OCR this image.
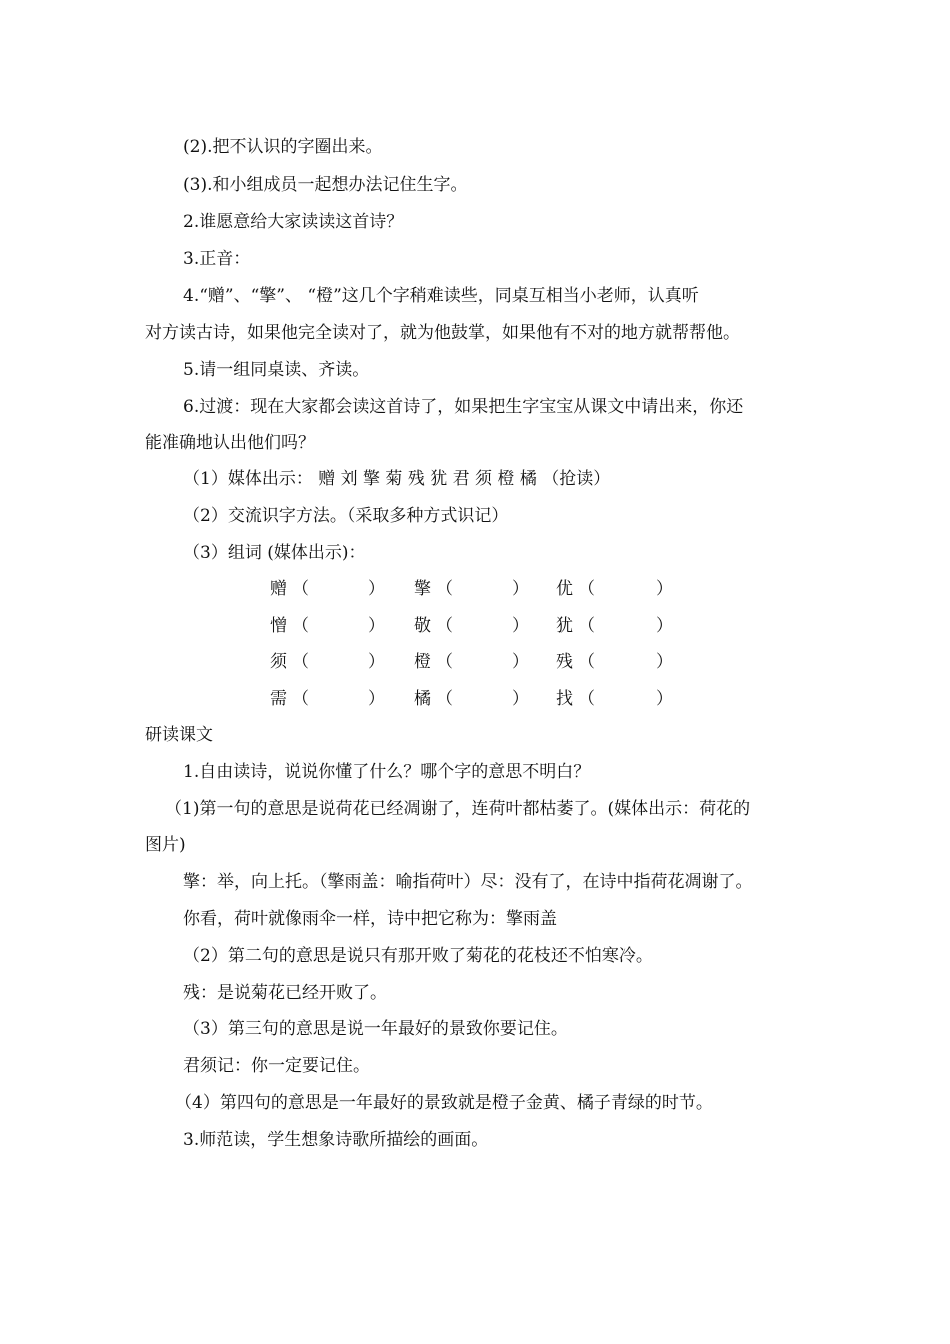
(2).把不认识的字圈出来。
(3).和小组成员一起想办法记住生字。
2.谁愿意给大家读读这首诗？
3.正音：
4.“赠”、“擎”、 “橙”这几个字稍难读些，同桌互相当小老师，认真听
对方读古诗，如果他完全读对了，就为他鼓掌，如果他有不对的地方就帮帮他。
5.请一组同桌读、齐读。
6.过渡：现在大家都会读这首诗了，如果把生字宝宝从课文中请出来，你还
能准确地认出他们吗？
（1）媒体出示： 赠 刘 擎 菊 残 犹 君 须 橙 橘 （抢读）
（2）交流识字方法。（采取多种方式识记）
（3）组词 (媒体出示)：
赠 （	） 擎 （	） 优 （	）
憎 （	） 敬 （	） 犹 （	）
须 （	） 橙 （	） 残 （	）
需 （	） 橘 （	） 找 （	）
研读课文
1.自由读诗，说说你懂了什么？哪个字的意思不明白？
（1)第一句的意思是说荷花已经凋谢了，连荷叶都枯萎了。(媒体出示：荷花的
图片)
擎：举，向上托。（擎雨盖：喻指荷叶）尽：没有了，在诗中指荷花凋谢了。
你看，荷叶就像雨伞一样，诗中把它称为：擎雨盖
（2）第二句的意思是说只有那开败了菊花的花枝还不怕寒冷。
残：是说菊花已经开败了。
（3）第三句的意思是说一年最好的景致你要记住。
君须记：你一定要记住。
（4）第四句的意思是一年最好的景致就是橙子金黄、橘子青绿的时节。
3.师范读，学生想象诗歌所描绘的画面。
